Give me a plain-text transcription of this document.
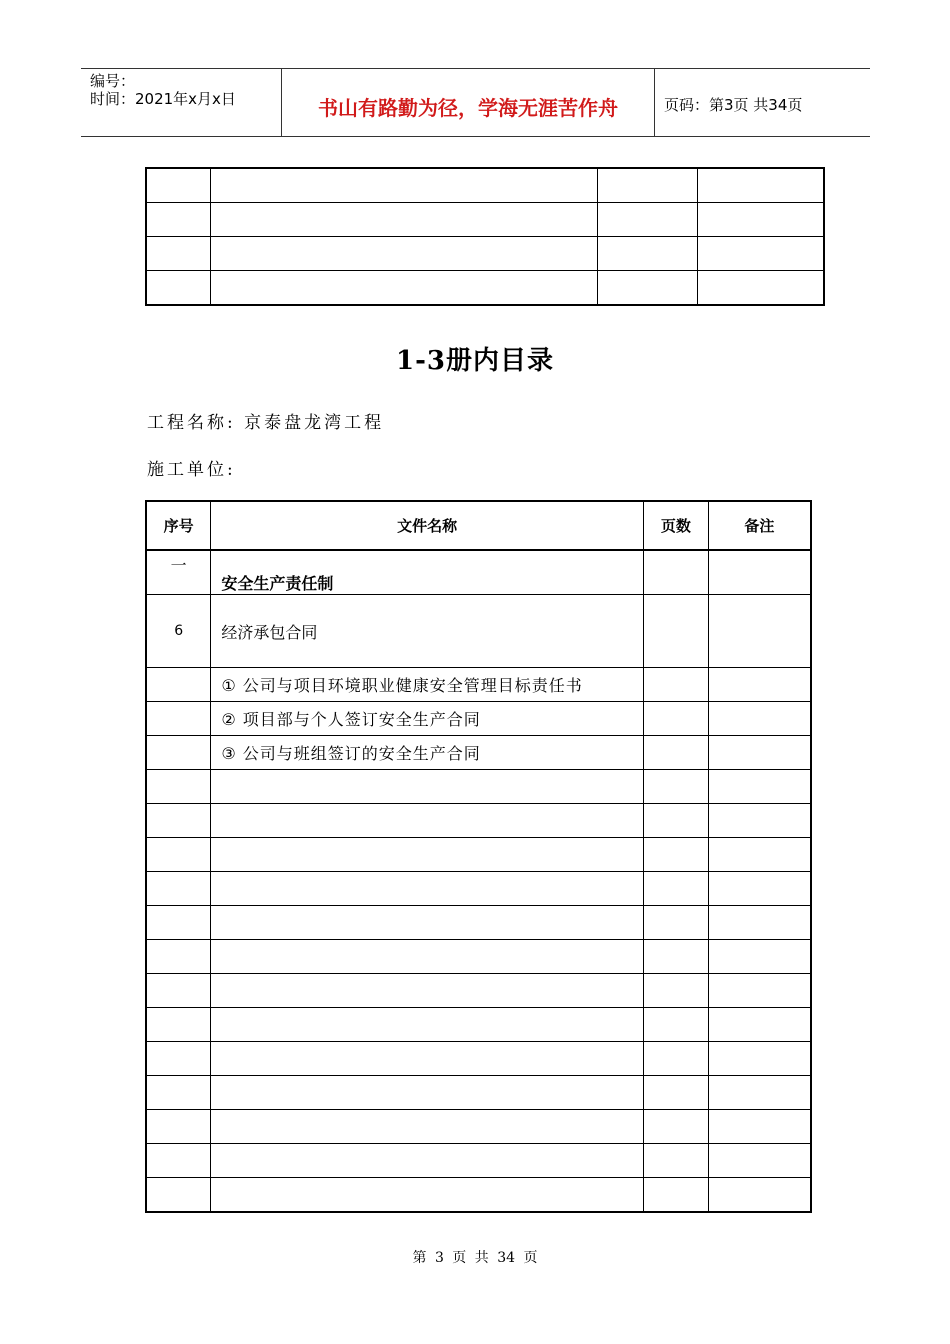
编号：
时间：2021年x月x日	书山有路勤为径，学海无涯苦作舟	页码：第3页 共34页

1-3册内目录
工程名称: 京泰盘龙湾工程
施工单位:
序号	文件名称	页数	备注
一	安全生产责任制		
6	经济承包合同		
	① 公司与项目环境职业健康安全管理目标责任书		
	② 项目部与个人签订安全生产合同		
	③ 公司与班组签订的安全生产合同		

第 3 页 共 34 页
